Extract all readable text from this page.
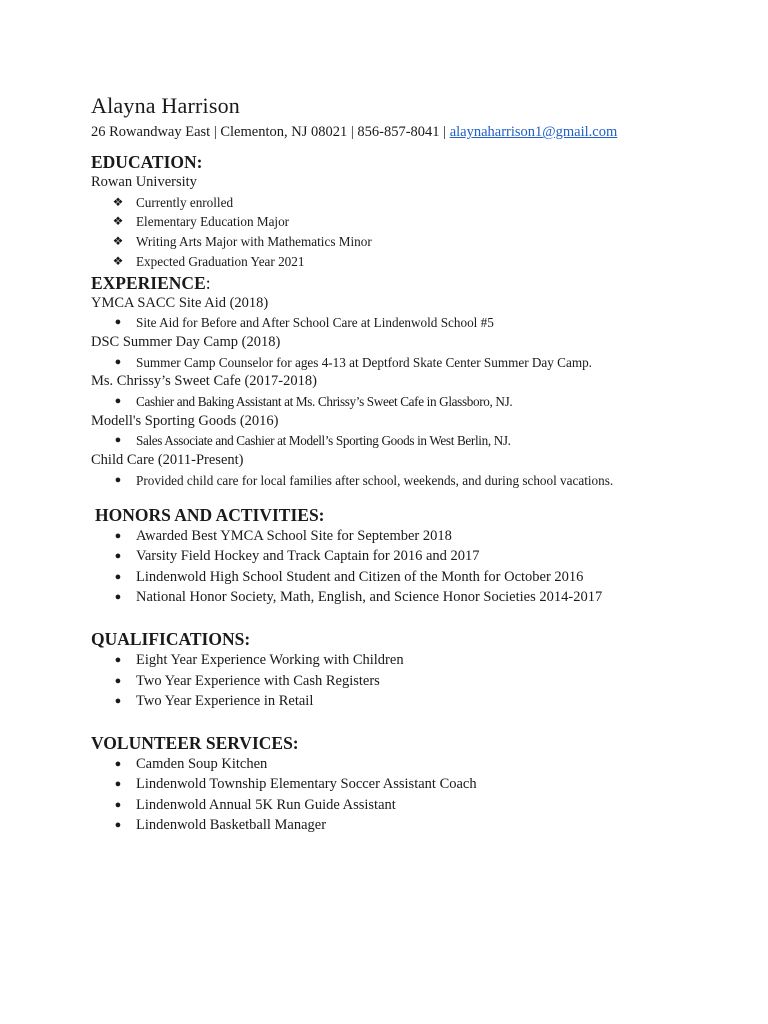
Alayna Harrison

26 Rowandway East | Clementon, NJ 08021 | 856-857-8041 | alaynaharrison1@gmail.com

EDUCATION:

Rowan University

❖ Currently enrolled
❖ Elementary Education Major
❖ Writing Arts Major with Mathematics Minor
❖ Expected Graduation Year 2021
EXPERIENCE:

YMCA SACC Site Aid (2018)

● Site Aid for Before and After School Care at Lindenwold School #5

DSC Summer Day Camp (2018)

● Summer Camp Counselor for ages 4-13 at Deptford Skate Center Summer Day Camp.

Ms. Chrissy’s Sweet Cafe (2017-2018)

● Cashier and Baking Assistant at Ms. Chrissy’s Sweet Cafe in Glassboro, NJ.

Modell's Sporting Goods (2016)

● Sales Associate and Cashier at Modell’s Sporting Goods in West Berlin, NJ.

Child Care (2011-Present)

● Provided child care for local families after school, weekends, and during school vacations.
HONORS AND ACTIVITIES:
● Awarded Best YMCA School Site for September 2018
● Varsity Field Hockey and Track Captain for 2016 and 2017
● Lindenwold High School Student and Citizen of the Month for October 2016
● National Honor Society, Math, English, and Science Honor Societies 2014-2017
QUALIFICATIONS:
● Eight Year Experience Working with Children
● Two Year Experience with Cash Registers
● Two Year Experience in Retail
VOLUNTEER SERVICES:
● Camden Soup Kitchen
● Lindenwold Township Elementary Soccer Assistant Coach
● Lindenwold Annual 5K Run Guide Assistant
● Lindenwold Basketball Manager
